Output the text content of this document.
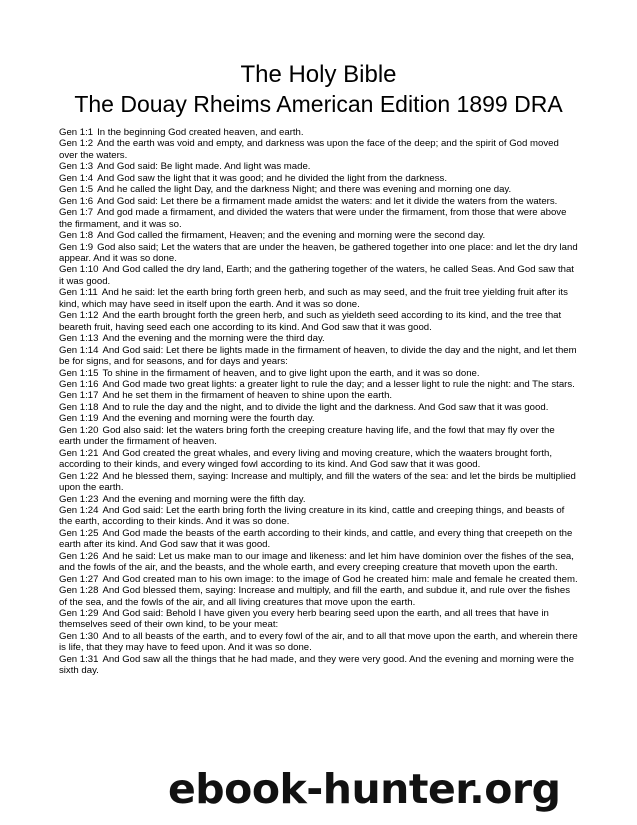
The Holy Bible
The Douay Rheims American Edition 1899 DRA

Gen 1:1 In the beginning God created heaven, and earth.

Gen 1:2 And the earth was void and empty, and darkness was upon the face of the deep; and the spirit of God moved over the waters.

Gen 1:3 And God said: Be light made. And light was made.

Gen 1:4 And God saw the light that it was good; and he divided the light from the darkness.

Gen 1:5 And he called the light Day, and the darkness Night; and there was evening and morning one day.

Gen 1:6 And God said: Let there be a firmament made amidst the waters: and let it divide the waters from the waters.

Gen 1:7 And god made a firmament, and divided the waters that were under the firmament, from those that were above the firmament, and it was so.

Gen 1:8 And God called the firmament, Heaven; and the evening and morning were the second day.

Gen 1:9 God also said; Let the waters that are under the heaven, be gathered together into one place: and let the dry land appear. And it was so done.

Gen 1:10 And God called the dry land, Earth; and the gathering together of the waters, he called Seas. And God saw that it was good.

Gen 1:11 And he said: let the earth bring forth green herb, and such as may seed, and the fruit tree yielding fruit after its kind, which may have seed in itself upon the earth. And it was so done.

Gen 1:12 And the earth brought forth the green herb, and such as yieldeth seed according to its kind, and the tree that beareth fruit, having seed each one according to its kind. And God saw that it was good.

Gen 1:13 And the evening and the morning were the third day.

Gen 1:14 And God said: Let there be lights made in the firmament of heaven, to divide the day and the night, and let them be for signs, and for seasons, and for days and years:

Gen 1:15 To shine in the firmament of heaven, and to give light upon the earth, and it was so done.

Gen 1:16 And God made two great lights: a greater light to rule the day; and a lesser light to rule the night: and The stars.

Gen 1:17 And he set them in the firmament of heaven to shine upon the earth.

Gen 1:18 And to rule the day and the night, and to divide the light and the darkness. And God saw that it was good.

Gen 1:19 And the evening and morning were the fourth day.

Gen 1:20 God also said: let the waters bring forth the creeping creature having life, and the fowl that may fly over the earth under the firmament of heaven.

Gen 1:21 And God created the great whales, and every living and moving creature, which the waaters brought forth, according to their kinds, and every winged fowl according to its kind. And God saw that it was good.

Gen 1:22 And he blessed them, saying: Increase and multiply, and fill the waters of the sea: and let the birds be multiplied upon the earth.

Gen 1:23 And the evening and morning were the fifth day.

Gen 1:24 And God said: Let the earth bring forth the living creature in its kind, cattle and creeping things, and beasts of the earth, according to their kinds. And it was so done.

Gen 1:25 And God made the beasts of the earth according to their kinds, and cattle, and every thing that creepeth on the earth after its kind. And God saw that it was good.

Gen 1:26 And he said: Let us make man to our image and likeness: and let him have dominion over the fishes of the sea, and the fowls of the air, and the beasts, and the whole earth, and every creeping creature that moveth upon the earth.

Gen 1:27 And God created man to his own image: to the image of God he created him: male and female he created them.

Gen 1:28 And God blessed them, saying: Increase and multiply, and fill the earth, and subdue it, and rule over the fishes of the sea, and the fowls of the air, and all living creatures that move upon the earth.

Gen 1:29 And God said: Behold I have given you every herb bearing seed upon the earth, and all trees that have in themselves seed of their own kind, to be your meat:

Gen 1:30 And to all beasts of the earth, and to every fowl of the air, and to all that move upon the earth, and wherein there is life, that they may have to feed upon. And it was so done.

Gen 1:31 And God saw all the things that he had made, and they were very good. And the evening and morning were the sixth day.

ebook-hunter.org
